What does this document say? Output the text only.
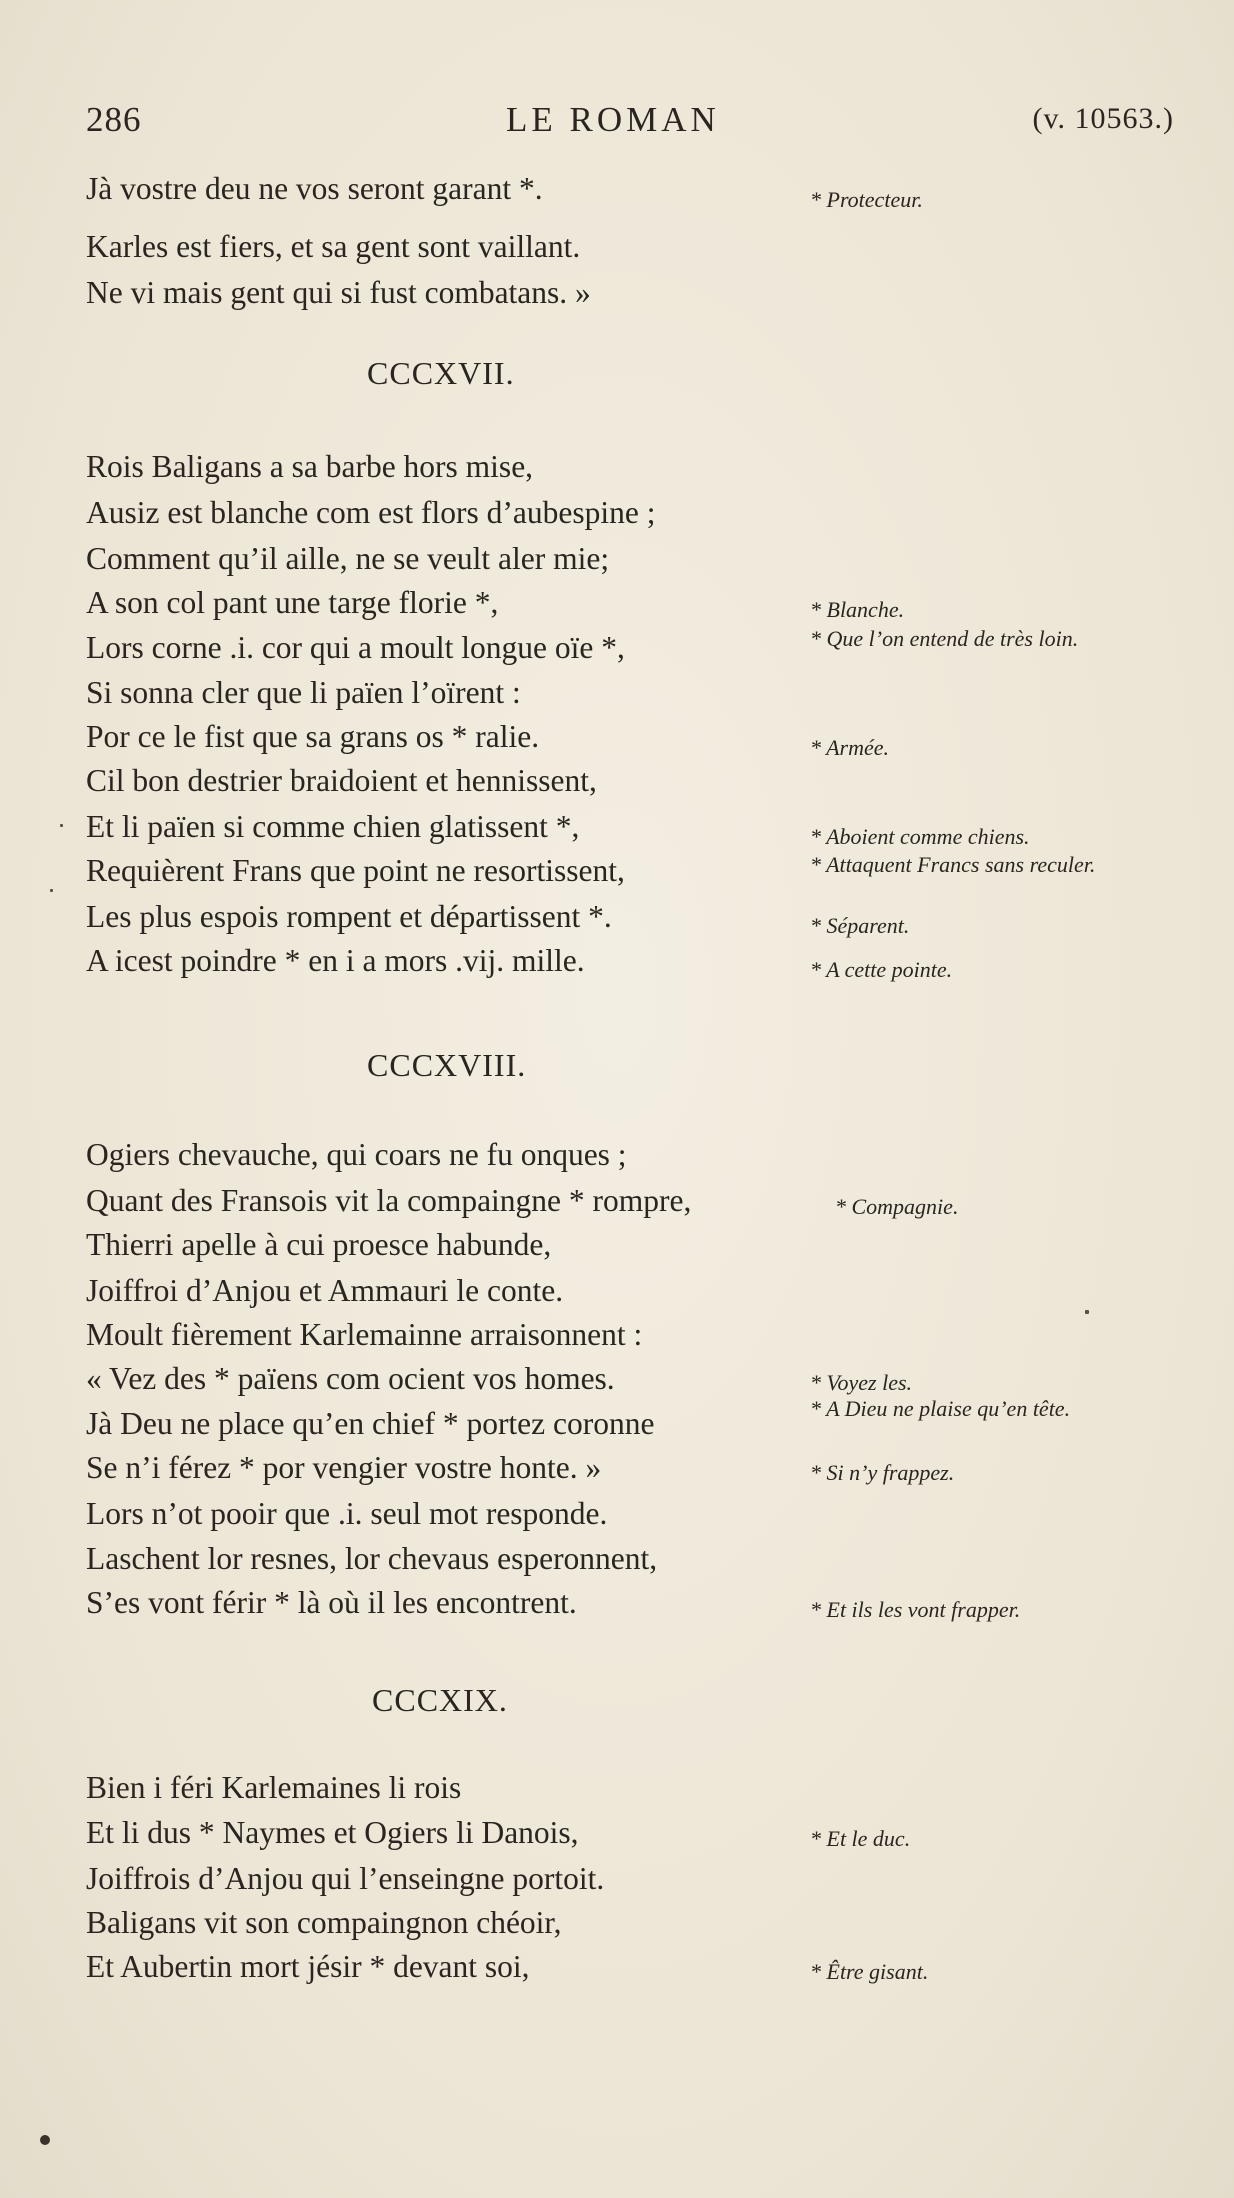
286	LE ROMAN	(v. 10563.)
Jà vostre deu ne vos seront garant *.	* Protecteur.
Karles est fiers, et sa gent sont vaillant.
Ne vi mais gent qui si fust combatans. »
CCCXVII.
Rois Baligans a sa barbe hors mise,
Ausiz est blanche com est flors d’aubespine ;
Comment qu’il aille, ne se veult aler mie;
A son col pant une targe florie *,	* Blanche.
Lors corne .i. cor qui a moult longue oïe *,	* Que l’on entend de très loin.
Si sonna cler que li païen l’oïrent :
Por ce le fist que sa grans os * ralie.	* Armée.
Cil bon destrier braidoient et hennissent,
Et li païen si comme chien glatissent *,	* Aboient comme chiens.
Requièrent Frans que point ne resortissent,	* Attaquent Francs sans reculer.
Les plus espois rompent et départissent *.	* Séparent.
A icest poindre * en i a mors .vij. mille.	* A cette pointe.
CCCXVIII.
Ogiers chevauche, qui coars ne fu onques ;
Quant des Fransois vit la compaingne * rompre,	* Compagnie.
Thierri apelle à cui proesce habunde,
Joiffroi d’Anjou et Ammauri le conte.
Moult fièrement Karlemainne arraisonnent :
« Vez des * païens com ocient vos homes.	* Voyez les.
Jà Deu ne place qu’en chief * portez coronne	* A Dieu ne plaise qu’en tête.
Se n’i férez * por vengier vostre honte. »	* Si n’y frappez.
Lors n’ot pooir que .i. seul mot responde.
Laschent lor resnes, lor chevaus esperonnent,
S’es vont férir * là où il les encontrent.	* Et ils les vont frapper.
CCCXIX.
Bien i féri Karlemaines li rois
Et li dus * Naymes et Ogiers li Danois,	* Et le duc.
Joiffrois d’Anjou qui l’enseingne portoit.
Baligans vit son compaingnon chéoir,
Et Aubertin mort jésir * devant soi,	* Être gisant.
